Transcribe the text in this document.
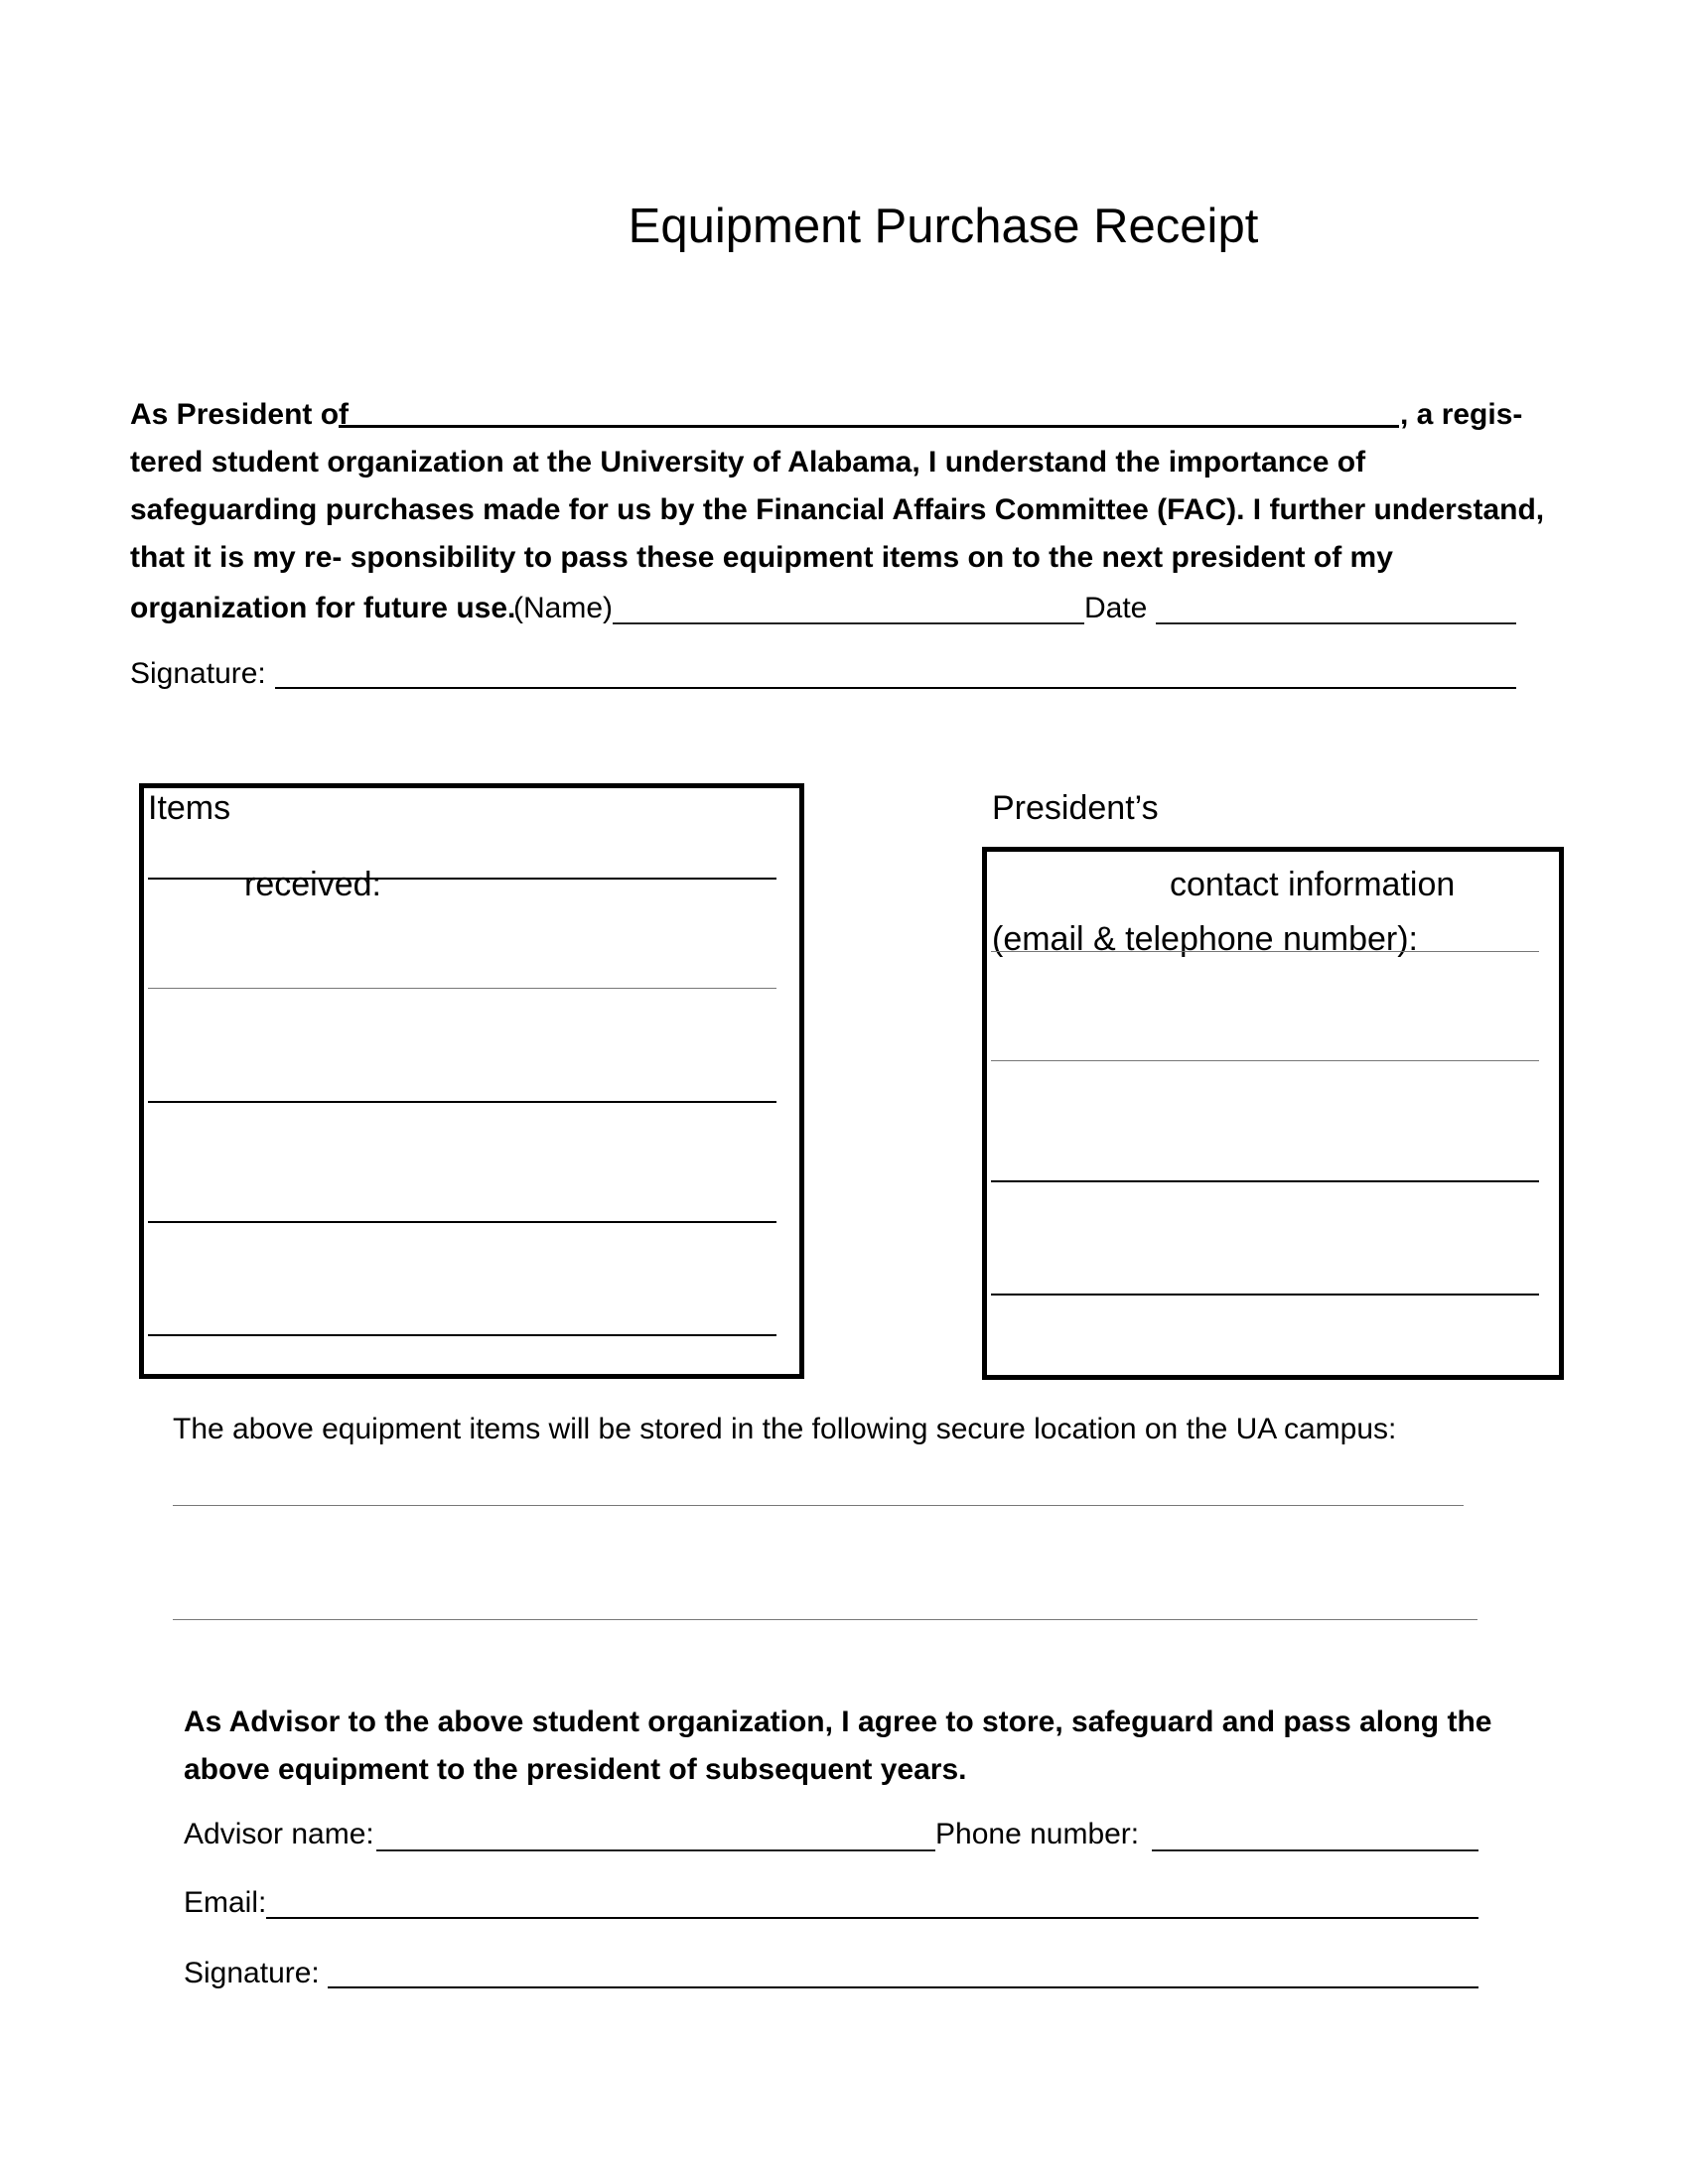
Equipment Purchase Receipt
As President of	, a regis-
tered student organization at the University of Alabama, I understand the importance of
safeguarding purchases made for us by the Financial Affairs Committee (FAC). I further understand,
that it is my re- sponsibility to pass these equipment items on to the next president of my
organization for future use.
(Name)	Date
Signature:
Items
received:
President’s
contact information
(email & telephone number):
The above equipment items will be stored in the following secure location on the UA campus:
As Advisor to the above student organization, I agree to store, safeguard and pass along the
above equipment to the president of subsequent years.
Advisor name:	Phone number:
Email:
Signature:
